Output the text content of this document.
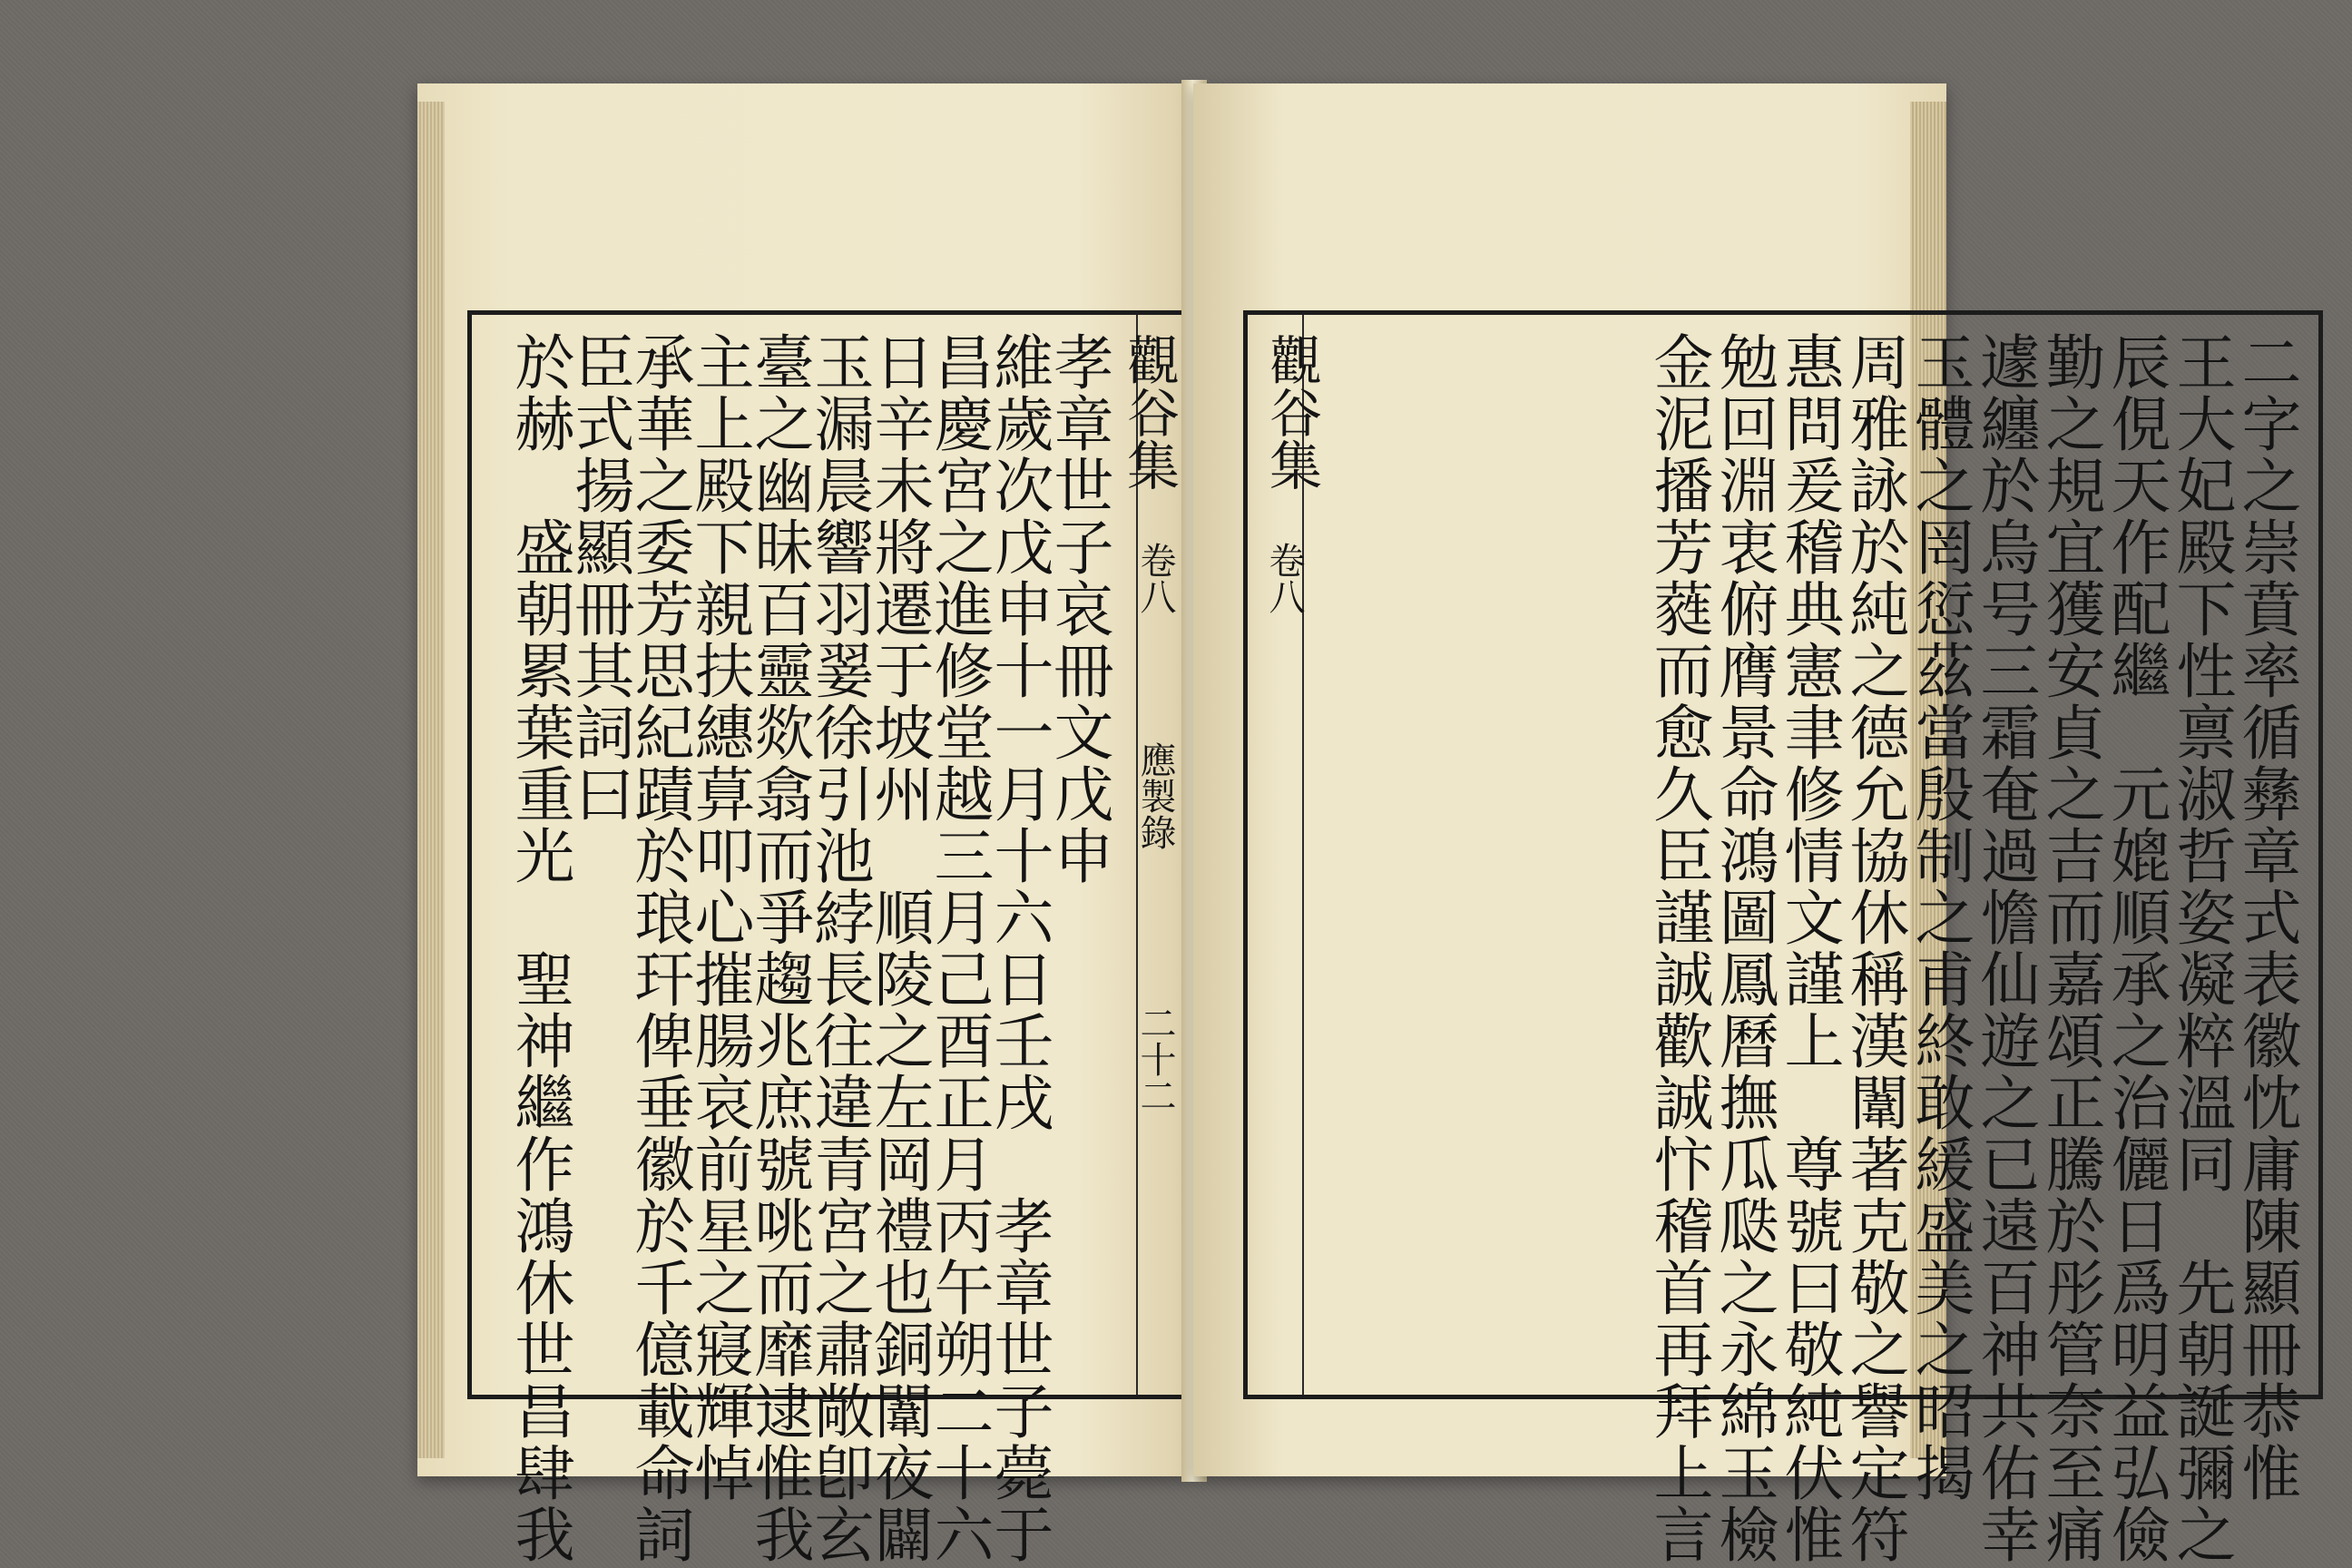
觀谷集
卷八
應製錄
二十二
孝章世子哀冊文戊申
維歲次戊申十一月十六日壬戌　孝章世子薨于
昌慶宮之進修堂越三月己酉正月丙午朔二十六
日辛未將遷于坡州　順陵之左岡禮也銅闈夜闢
玉漏晨響羽翣徐引池綍長往違青宮之肅敞卽玄
臺之幽昧百靈欻翕而爭趨兆庶號咷而靡逮惟我
主上殿下親扶繐萛叩心摧腸哀前星之寢輝悼
承華之委芳思紀蹟於琅玕俾垂徽於千億載命詞
臣式揚顯冊其詞曰
於赫　盛朝累葉重光　聖神繼作鴻休世昌肆我	觀谷集
卷八	二字之崇賁率循彝章式表徽忱庸陳顯冊恭惟
王大妃殿下性禀淑哲姿凝粹溫同　先朝誕彌之
辰俔天作配繼　元媲順承之治儷日爲明益弘儉
勤之規宜獲安貞之吉而嘉頌正騰於彤管奈至痛
遽纏於烏号三霜奄過憺仙遊之已遠百神共佑幸
玉體之罔愆茲當殷制之甫終敢緩盛美之昭揭
周雅詠於純之德允協休稱漢闈著克敬之譽定符
惠問爰稽典憲聿修情文謹上　尊號曰敬純伏惟
勉回淵衷俯膺景命鴻圖鳳曆撫瓜瓞之永綿玉檢
金泥播芳蕤而愈久臣謹誠歡誠忭稽首再拜上言
